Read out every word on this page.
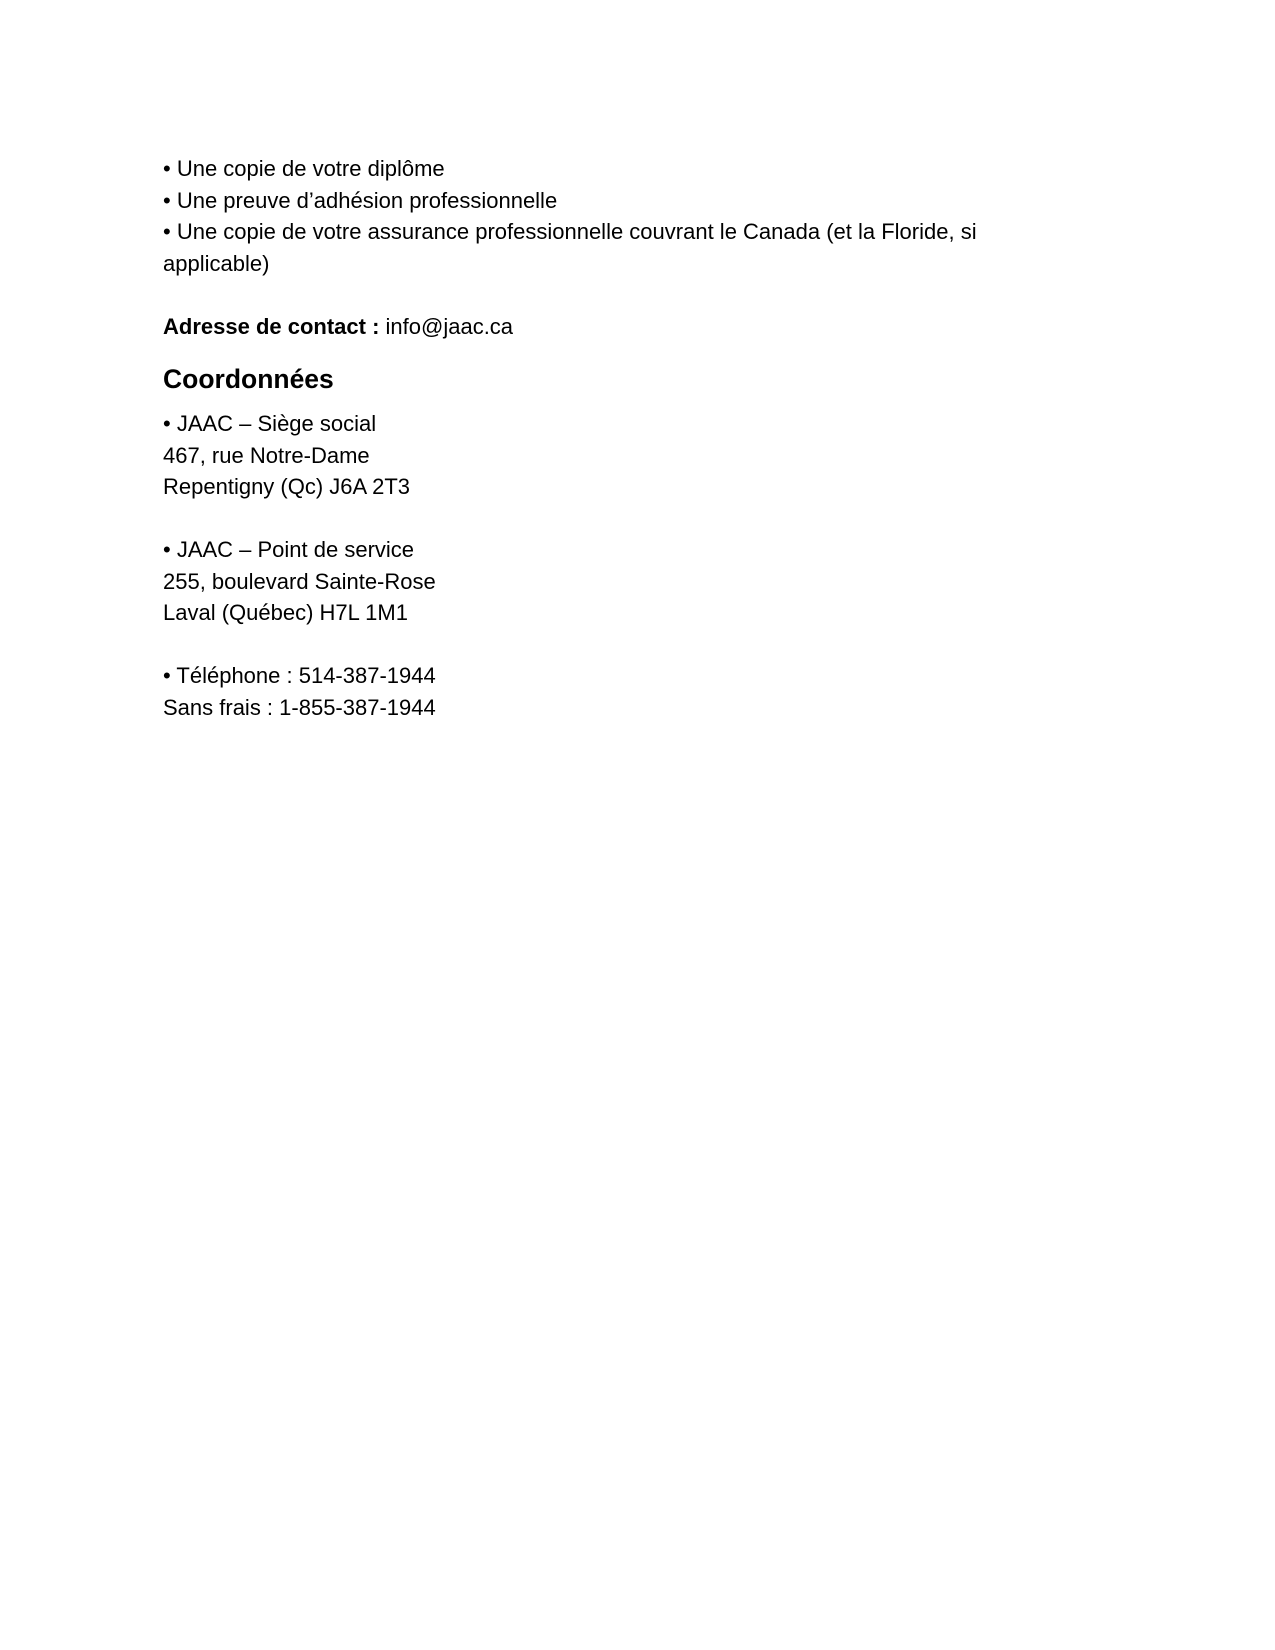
• Une copie de votre diplôme

• Une preuve d’adhésion professionnelle

• Une copie de votre assurance professionnelle couvrant le Canada (et la Floride, si applicable)

Adresse de contact : info@jaac.ca

Coordonnées

• JAAC – Siège social

467, rue Notre-Dame

Repentigny (Qc) J6A 2T3

• JAAC – Point de service

255, boulevard Sainte-Rose

Laval (Québec) H7L 1M1

• Téléphone : 514-387-1944

Sans frais : 1-855-387-1944
